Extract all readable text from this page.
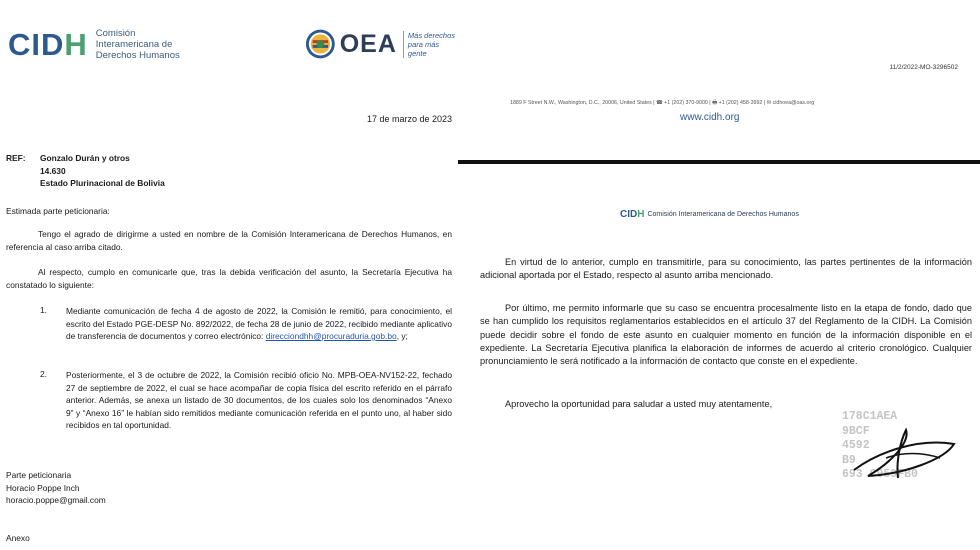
CIDH Comisión
Interamericana de
Derechos Humanos	OEA Más derechos
para más gente
17 de marzo de 2023
REF: Gonzalo Durán y otros
14.630
Estado Plurinacional de Bolivia
Estimada parte peticionaria:
Tengo el agrado de dirigirme a usted en nombre de la Comisión Interamericana de Derechos Humanos, en referencia al caso arriba citado.
Al respecto, cumplo en comunicarle que, tras la debida verificación del asunto, la Secretaría Ejecutiva ha constatado lo siguiente:
1. Mediante comunicación de fecha 4 de agosto de 2022, la Comisión le remitió, para conocimiento, el escrito del Estado PGE-DESP No. 892/2022, de fecha 28 de junio de 2022, recibido mediante aplicativo de transferencia de documentos y correo electrónico: direcciondhh@procuraduria.gob.bo, y;
2. Posteriormente, el 3 de octubre de 2022, la Comisión recibió oficio No. MPB-OEA-NV152-22, fechado 27 de septiembre de 2022, el cual se hace acompañar de copia física del escrito referido en el párrafo anterior. Además, se anexa un listado de 30 documentos, de los cuales solo los denominados “Anexo 9” y “Anexo 16” le habían sido remitidos mediante comunicación referida en el punto uno, al haber sido recibidos en tal oportunidad.
Parte peticionaria
Horacio Poppe Inch
horacio.poppe@gmail.com
Anexo
11/2/2022-MO-3296502
1889 F Street N.W., Washington, D.C., 20006, United States | ☎ +1 (202) 370-9000 | 🖶 +1 (202) 458-3992 | ✉ cidhoea@oas.org
www.cidh.org
CIDH Comisión Interamericana de Derechos Humanos
En virtud de lo anterior, cumplo en transmitirle, para su conocimiento, las partes pertinentes de la información adicional aportada por el Estado, respecto al asunto arriba mencionado.
Por último, me permito informarle que su caso se encuentra procesalmente listo en la etapa de fondo, dado que se han cumplido los requisitos reglamentarios establecidos en el artículo 37 del Reglamento de la CIDH. La Comisión puede decidir sobre el fondo de este asunto en cualquier momento en función de la información disponible en el expediente. La Secretaría Ejecutiva planifica la elaboración de informes de acuerdo al criterio cronológico. Cualquier pronunciamiento le será notificado a la información de contacto que conste en el expediente.
Aprovecho la oportunidad para saludar a usted muy atentamente,
178C1AEA
9BCF
4592
B9
693 C959FB0
